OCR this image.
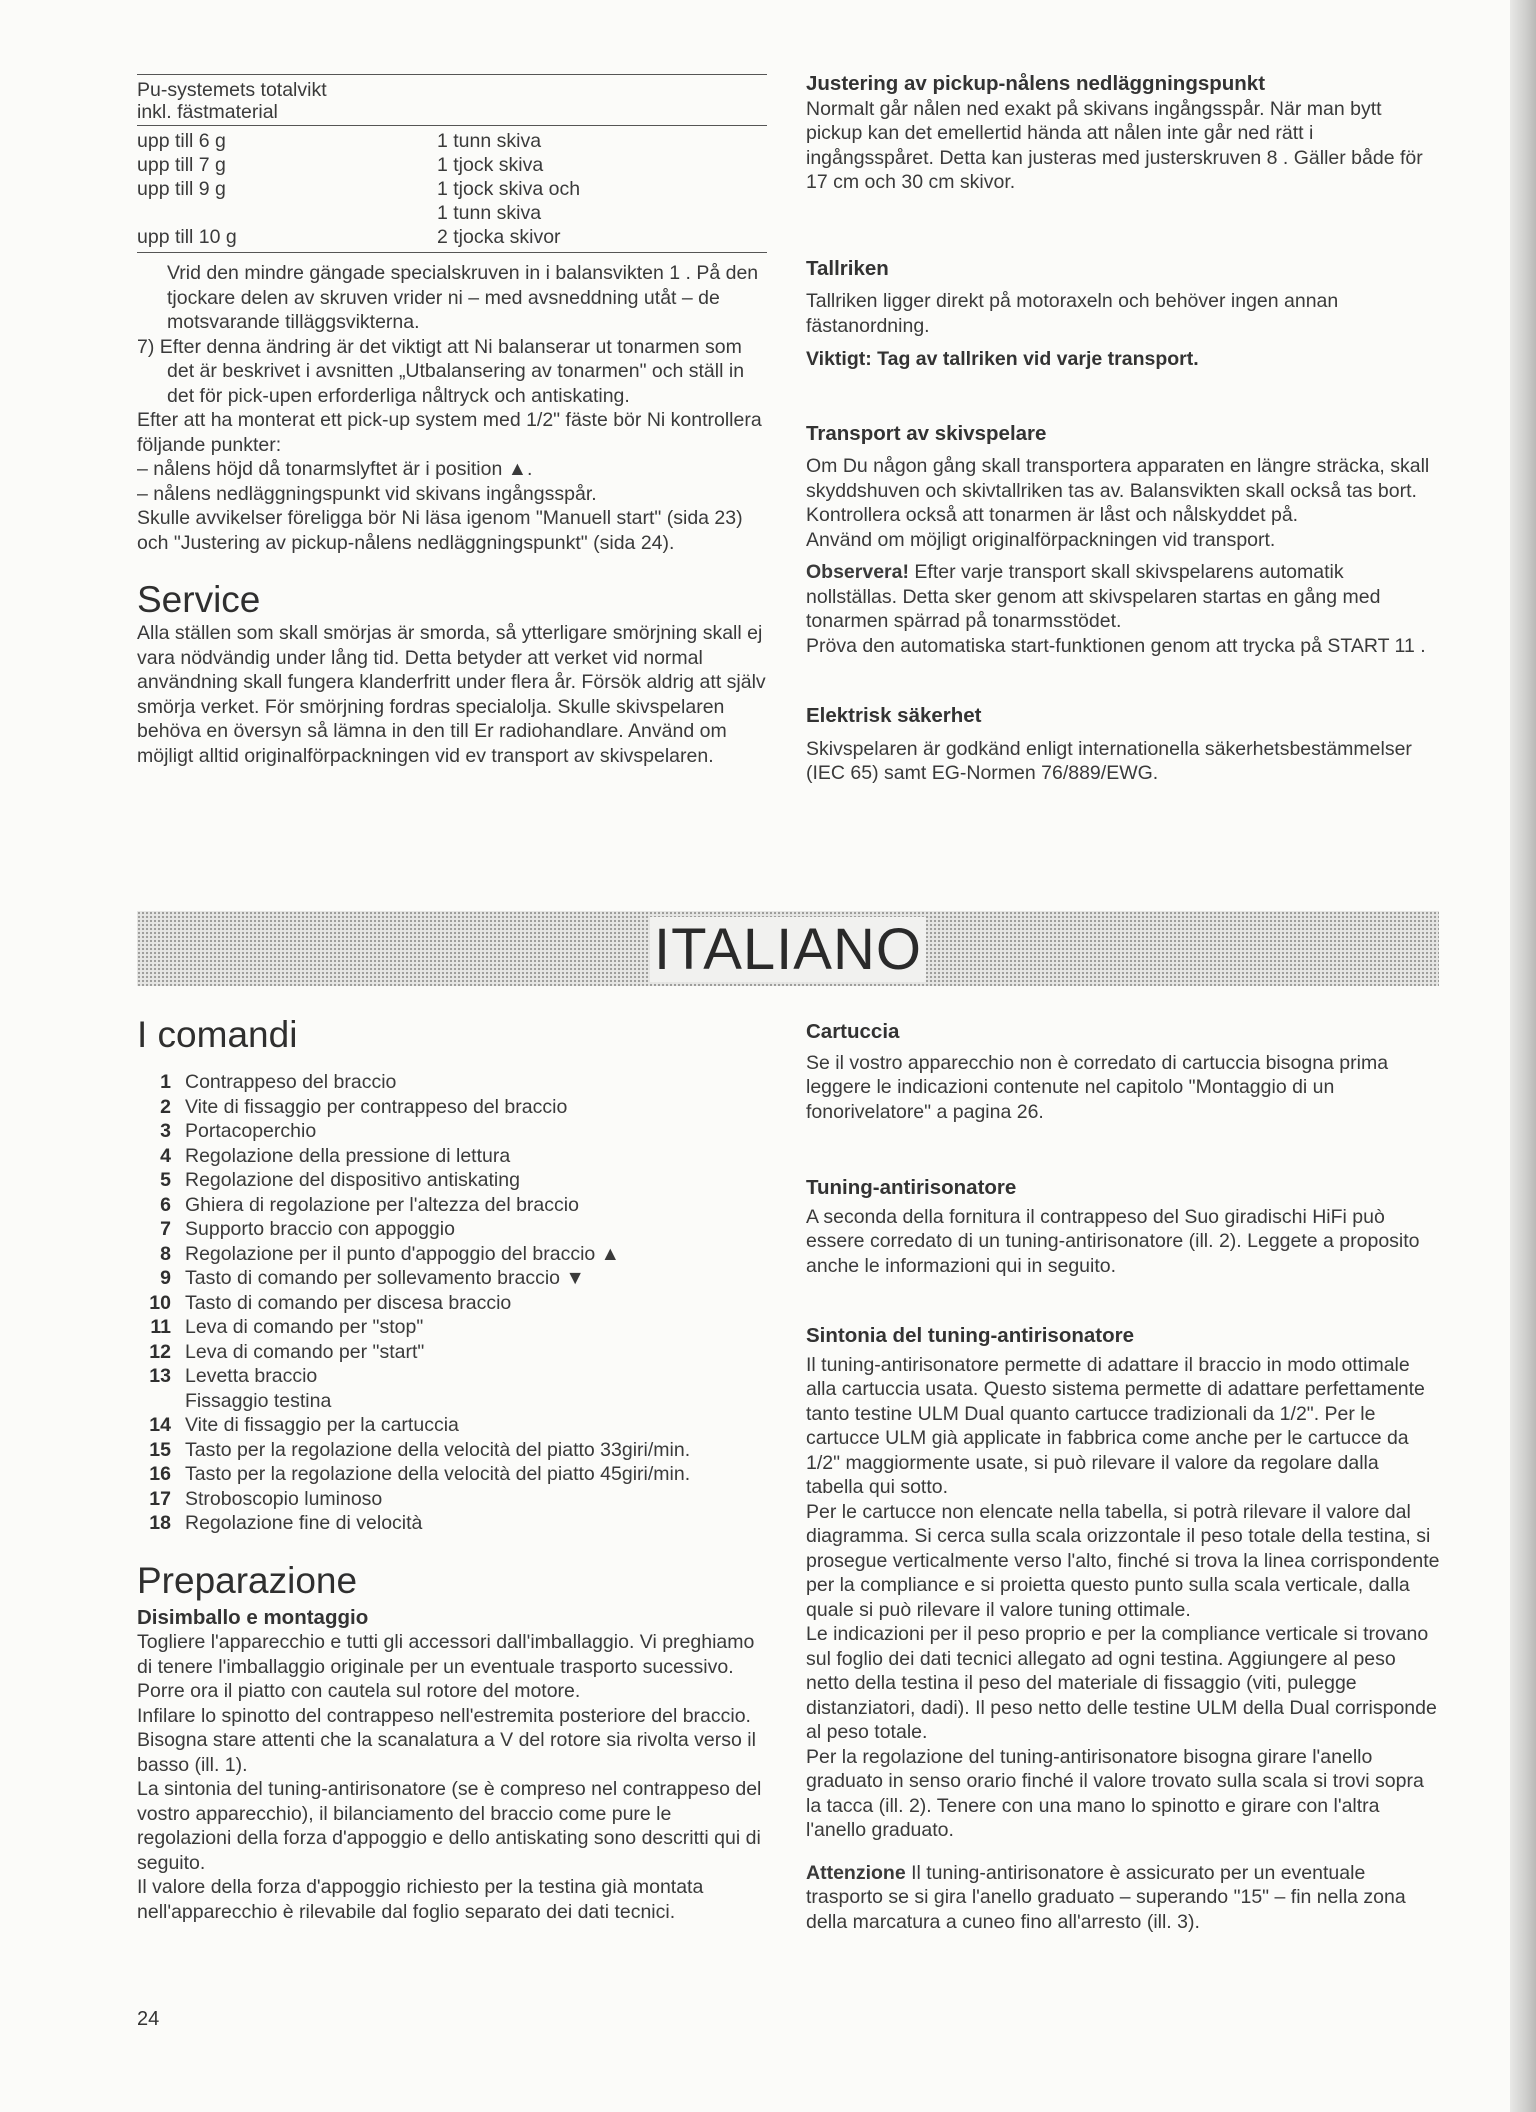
Pu-systemets totalvikt

inkl. fästmaterial

upp till 6 g	1 tunn skiva
upp till 7 g	1 tjock skiva
upp till 9 g	1 tjock skiva och
	1 tunn skiva
upp till 10 g	2 tjocka skivor

Vrid den mindre gängade specialskruven in i balansvikten 1 . På den tjockare delen av skruven vrider ni – med avsneddning utåt – de motsvarande tilläggsvikterna.

7) Efter denna ändring är det viktigt att Ni balanserar ut tonarmen som det är beskrivet i avsnitten „Utbalansering av tonarmen" och ställ in det för pick-upen erforderliga nåltryck och antiskating.

Efter att ha monterat ett pick-up system med 1/2" fäste bör Ni kontrollera följande punkter:

– nålens höjd då tonarmslyftet är i position ▲.

– nålens nedläggningspunkt vid skivans ingångsspår.

Skulle avvikelser föreligga bör Ni läsa igenom "Manuell start" (sida 23) och "Justering av pickup-nålens nedläggningspunkt" (sida 24).

Service

Alla ställen som skall smörjas är smorda, så ytterligare smörjning skall ej vara nödvändig under lång tid. Detta betyder att verket vid normal användning skall fungera klanderfritt under flera år. Försök aldrig att själv smörja verket. För smörjning fordras specialolja. Skulle skivspelaren behöva en översyn så lämna in den till Er radiohandlare. Använd om möjligt alltid originalförpackningen vid ev transport av skivspelaren.

Justering av pickup-nålens nedläggningspunkt

Normalt går nålen ned exakt på skivans ingångsspår. När man bytt pickup kan det emellertid hända att nålen inte går ned rätt i ingångsspåret. Detta kan justeras med justerskruven 8 . Gäller både för 17 cm och 30 cm skivor.

Tallriken

Tallriken ligger direkt på motoraxeln och behöver ingen annan fästanordning.

Viktigt: Tag av tallriken vid varje transport.

Transport av skivspelare

Om Du någon gång skall transportera apparaten en längre sträcka, skall skyddshuven och skivtallriken tas av. Balansvikten skall också tas bort.

Kontrollera också att tonarmen är låst och nålskyddet på.

Använd om möjligt originalförpackningen vid transport.

Observera! Efter varje transport skall skivspelarens automatik nollställas. Detta sker genom att skivspelaren startas en gång med tonarmen spärrad på tonarmsstödet.

Pröva den automatiska start-funktionen genom att trycka på START 11 .

Elektrisk säkerhet

Skivspelaren är godkänd enligt internationella säkerhetsbestämmelser (IEC 65) samt EG-Normen 76/889/EWG.

ITALIANO
I comandi

1 Contrappeso del braccio

2 Vite di fissaggio per contrappeso del braccio

3 Portacoperchio

4 Regolazione della pressione di lettura

5 Regolazione del dispositivo antiskating

6 Ghiera di regolazione per l'altezza del braccio

7 Supporto braccio con appoggio

8 Regolazione per il punto d'appoggio del braccio ▲

9 Tasto di comando per sollevamento braccio ▼

10 Tasto di comando per discesa braccio

11 Leva di comando per "stop"

12 Leva di comando per "start"

13 Levetta braccio

Fissaggio testina

14 Vite di fissaggio per la cartuccia

15 Tasto per la regolazione della velocità del piatto 33giri/min.

16 Tasto per la regolazione della velocità del piatto 45giri/min.

17 Stroboscopio luminoso

18 Regolazione fine di velocità

Preparazione
Disimballo e montaggio

Togliere l'apparecchio e tutti gli accessori dall'imballaggio. Vi preghiamo di tenere l'imballaggio originale per un eventuale trasporto sucessivo.

Porre ora il piatto con cautela sul rotore del motore.

Infilare lo spinotto del contrappeso nell'estremita posteriore del braccio. Bisogna stare attenti che la scanalatura a V del rotore sia rivolta verso il basso (ill. 1).

La sintonia del tuning-antirisonatore (se è compreso nel contrappeso del vostro apparecchio), il bilanciamento del braccio come pure le regolazioni della forza d'appoggio e dello antiskating sono descritti qui di seguito.

Il valore della forza d'appoggio richiesto per la testina già montata nell'apparecchio è rilevabile dal foglio separato dei dati tecnici.

Cartuccia

Se il vostro apparecchio non è corredato di cartuccia bisogna prima leggere le indicazioni contenute nel capitolo "Montaggio di un fonorivelatore" a pagina 26.

Tuning-antirisonatore

A seconda della fornitura il contrappeso del Suo giradischi HiFi può essere corredato di un tuning-antirisonatore (ill. 2). Leggete a proposito anche le informazioni qui in seguito.

Sintonia del tuning-antirisonatore

Il tuning-antirisonatore permette di adattare il braccio in modo ottimale alla cartuccia usata. Questo sistema permette di adattare perfettamente tanto testine ULM Dual quanto cartucce tradizionali da 1/2". Per le cartucce ULM già applicate in fabbrica come anche per le cartucce da 1/2" maggiormente usate, si può rilevare il valore da regolare dalla tabella qui sotto.

Per le cartucce non elencate nella tabella, si potrà rilevare il valore dal diagramma. Si cerca sulla scala orizzontale il peso totale della testina, si prosegue verticalmente verso l'alto, finché si trova la linea corrispondente per la compliance e si proietta questo punto sulla scala verticale, dalla quale si può rilevare il valore tuning ottimale.

Le indicazioni per il peso proprio e per la compliance verticale si trovano sul foglio dei dati tecnici allegato ad ogni testina. Aggiungere al peso netto della testina il peso del materiale di fissaggio (viti, pulegge distanziatori, dadi). Il peso netto delle testine ULM della Dual corrisponde al peso totale.

Per la regolazione del tuning-antirisonatore bisogna girare l'anello graduato in senso orario finché il valore trovato sulla scala si trovi sopra la tacca (ill. 2). Tenere con una mano lo spinotto e girare con l'altra l'anello graduato.

Attenzione Il tuning-antirisonatore è assicurato per un eventuale trasporto se si gira l'anello graduato – superando "15" – fin nella zona della marcatura a cuneo fino all'arresto (ill. 3).

24
